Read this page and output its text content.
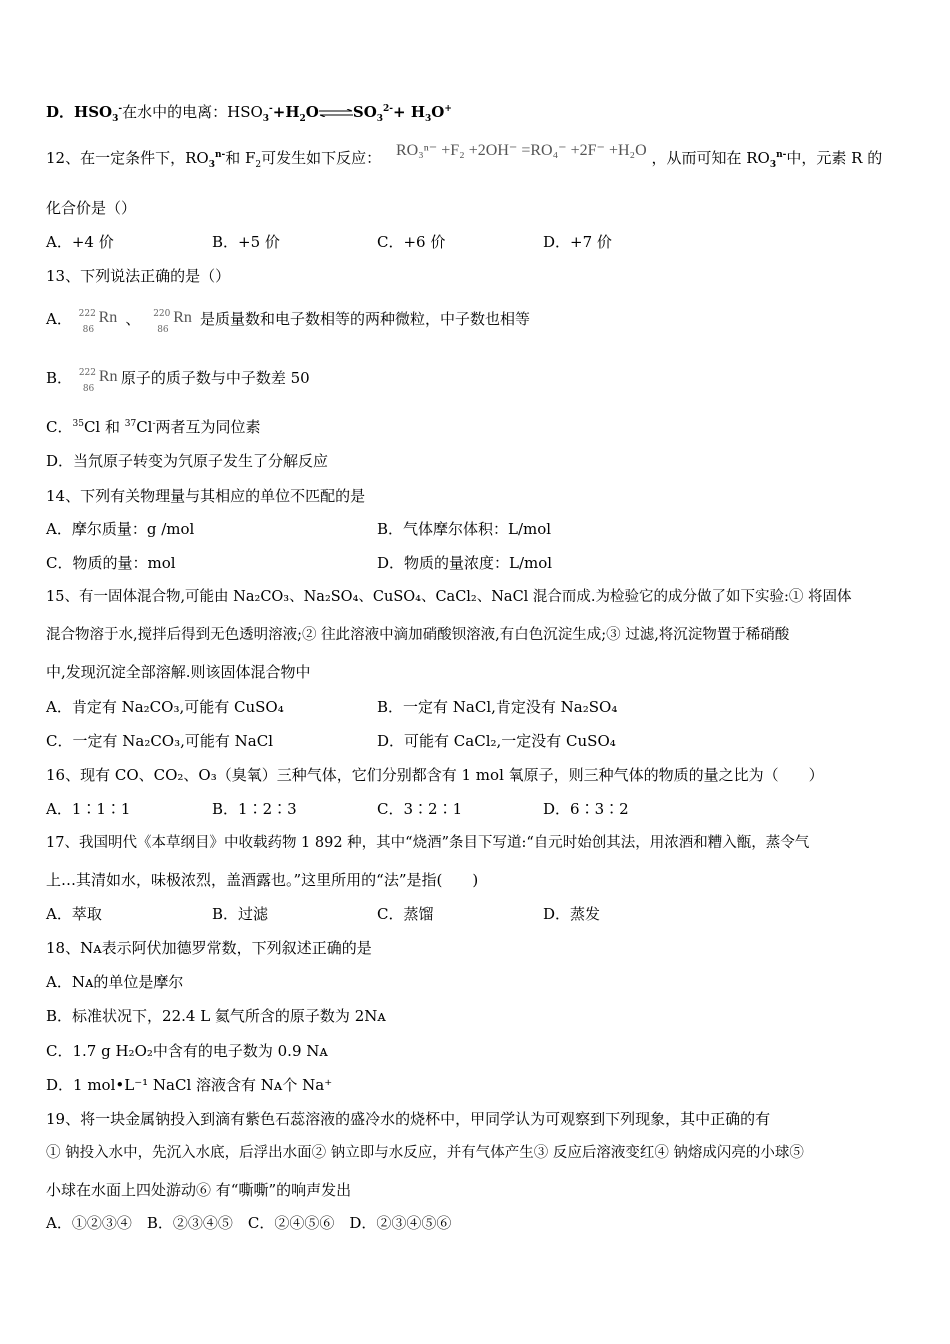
D．$HSO_3^-$在水中的电离：$HSO_3^-+H_2O\rightleftharpoons SO_3^{2-}+ H_3O^+$
12、在一定条件下，$RO_3^{n-}$和 $F_2$可发生如下反应： RO₃ⁿ⁻ +F₂ +2OH⁻ =RO₄⁻ +2F⁻ +H₂O ，从而可知在 $RO_3^{n-}$中，元素 R 的
化合价是（）
A．+4 价	B．+5 价	C．+6 价	D．+7 价
13、下列说法正确的是（）
A． 222
86
Rn 、 220
86
Rn 是质量数和电子数相等的两种微粒，中子数也相等
B． 222
86
Rn 原子的质子数与中子数差 50
C．$^{35}$Cl 和 $^{37}$Cl-两者互为同位素
D．当氘原子转变为氕原子发生了分解反应
14、下列有关物理量与其相应的单位不匹配的是
A．摩尔质量：g /mol	B．气体摩尔体积：L/mol
C．物质的量：mol	D．物质的量浓度：L/mol
15、有一固体混合物,可能由 Na₂CO₃、Na₂SO₄、CuSO₄、CaCl₂、NaCl 混合而成.为检验它的成分做了如下实验:① 将固体
混合物溶于水,搅拌后得到无色透明溶液;② 往此溶液中滴加硝酸钡溶液,有白色沉淀生成;③ 过滤,将沉淀物置于稀硝酸
中,发现沉淀全部溶解.则该固体混合物中
A．肯定有 Na₂CO₃,可能有 CuSO₄	B．一定有 NaCl,肯定没有 Na₂SO₄
C．一定有 Na₂CO₃,可能有 NaCl	D．可能有 CaCl₂,一定没有 CuSO₄
16、现有 CO、CO₂、O₃（臭氧）三种气体，它们分别都含有 1 mol 氧原子，则三种气体的物质的量之比为（　　）
A．1∶1∶1	B．1∶2∶3	C．3∶2∶1	D．6∶3∶2
17、我国明代《本草纲目》中收载药物 1 892 种，其中“烧酒”条目下写道:“自元时始创其法，用浓酒和糟入甑，蒸令气
上…其清如水，味极浓烈，盖酒露也。”这里所用的“法”是指(　　)
A．萃取	B．过滤	C．蒸馏	D．蒸发
18、Nᴀ表示阿伏加德罗常数，下列叙述正确的是
A．Nᴀ的单位是摩尔
B．标准状况下，22.4 L 氦气所含的原子数为 2Nᴀ
C．1.7 g H₂O₂中含有的电子数为 0.9 Nᴀ
D．1 mol•L⁻¹ NaCl 溶液含有 Nᴀ个 Na⁺
19、将一块金属钠投入到滴有紫色石蕊溶液的盛冷水的烧杯中，甲同学认为可观察到下列现象，其中正确的有
① 钠投入水中，先沉入水底，后浮出水面② 钠立即与水反应，并有气体产生③ 反应后溶液变红④ 钠熔成闪亮的小球⑤
小球在水面上四处游动⑥ 有“嘶嘶”的响声发出
A．①②③④　B．②③④⑤　C．②④⑤⑥　D．②③④⑤⑥
